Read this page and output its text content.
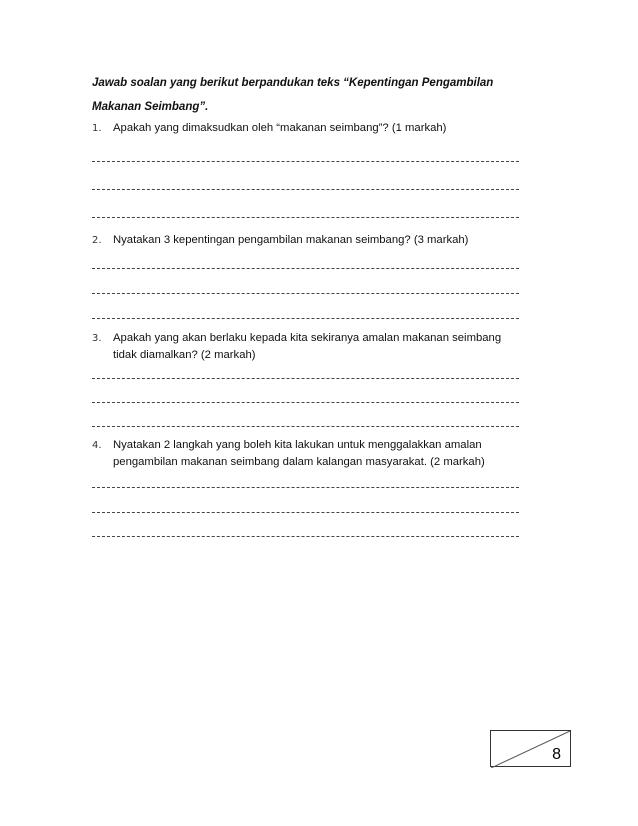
Jawab soalan yang berikut berpandukan teks “Kepentingan Pengambilan
Makanan Seimbang”.
1. Apakah yang dimaksudkan oleh “makanan seimbang”? (1 markah)
2. Nyatakan 3 kepentingan pengambilan makanan seimbang? (3 markah)
3. Apakah yang akan berlaku kepada kita sekiranya amalan makanan seimbang
tidak diamalkan? (2 markah)
4. Nyatakan 2 langkah yang boleh kita lakukan untuk menggalakkan amalan
pengambilan makanan seimbang dalam kalangan masyarakat. (2 markah)
8
